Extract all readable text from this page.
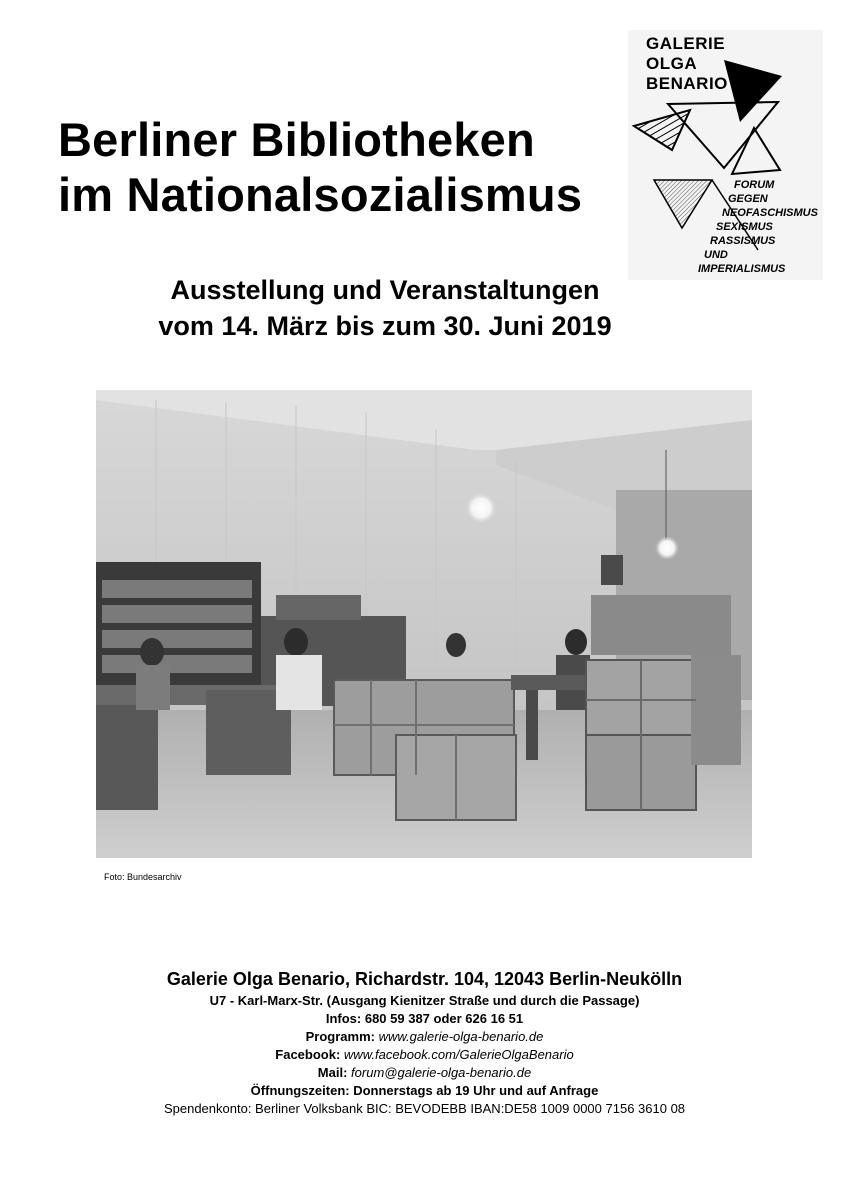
Berliner Bibliotheken
im Nationalsozialismus
Ausstellung und Veranstaltungen
vom 14. März bis zum 30. Juni 2019
GALERIE
OLGA
BENARIO
FORUM
GEGEN
NEOFASCHISMUS
SEXISMUS
RASSISMUS
UND
IMPERIALISMUS
Foto: Bundesarchiv
Galerie Olga Benario, Richardstr. 104, 12043 Berlin-Neukölln
U7 - Karl-Marx-Str. (Ausgang Kienitzer Straße und durch die Passage)
Infos: 680 59 387 oder 626 16 51
Programm: www.galerie-olga-benario.de
Facebook: www.facebook.com/GalerieOlgaBenario
Mail: forum@galerie-olga-benario.de
Öffnungszeiten: Donnerstags ab 19 Uhr und auf Anfrage
Spendenkonto: Berliner Volksbank BIC: BEVODEBB IBAN:DE58 1009 0000 7156 3610 08
